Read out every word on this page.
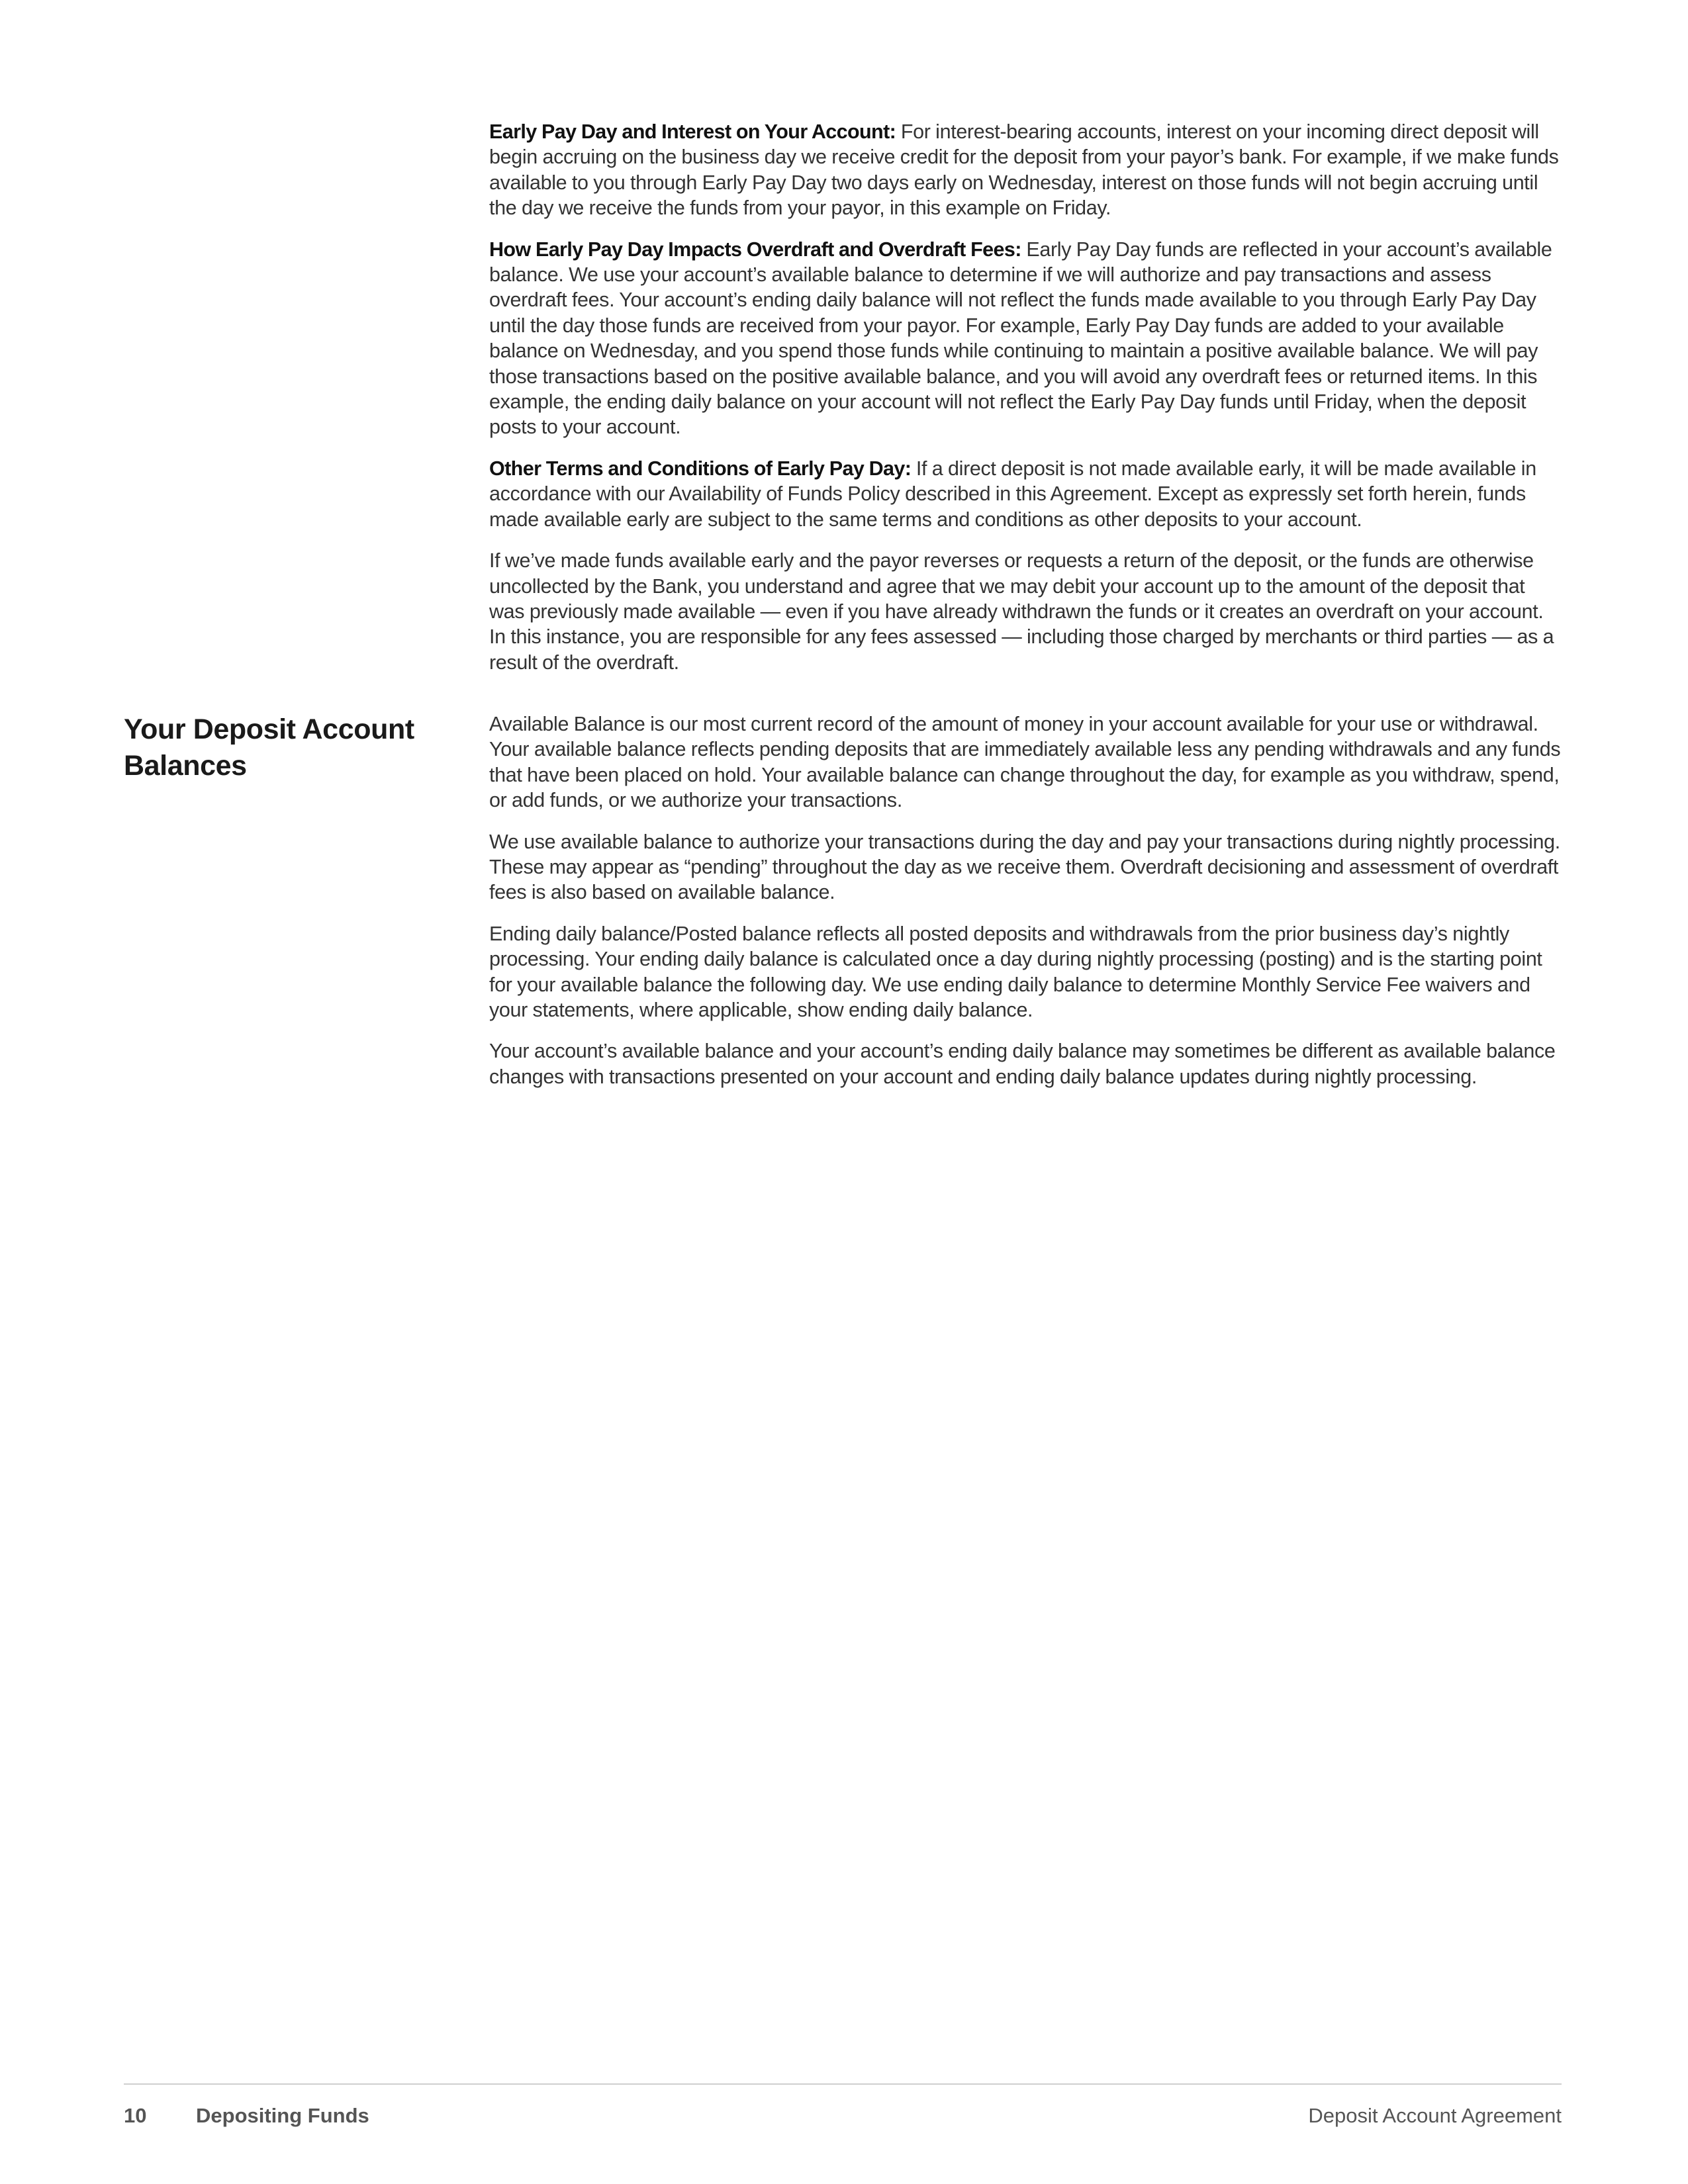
Early Pay Day and Interest on Your Account: For interest-bearing accounts, interest on your incoming direct deposit will begin accruing on the business day we receive credit for the deposit from your payor’s bank. For example, if we make funds available to you through Early Pay Day two days early on Wednesday, interest on those funds will not begin accruing until the day we receive the funds from your payor, in this example on Friday.

How Early Pay Day Impacts Overdraft and Overdraft Fees: Early Pay Day funds are reflected in your account’s available balance. We use your account’s available balance to determine if we will authorize and pay transactions and assess overdraft fees. Your account’s ending daily balance will not reflect the funds made available to you through Early Pay Day until the day those funds are received from your payor. For example, Early Pay Day funds are added to your available balance on Wednesday, and you spend those funds while continuing to maintain a positive available balance. We will pay those transactions based on the positive available balance, and you will avoid any overdraft fees or returned items. In this example, the ending daily balance on your account will not reflect the Early Pay Day funds until Friday, when the deposit posts to your account.

Other Terms and Conditions of Early Pay Day: If a direct deposit is not made available early, it will be made available in accordance with our Availability of Funds Policy described in this Agreement. Except as expressly set forth herein, funds made available early are subject to the same terms and conditions as other deposits to your account.

If we’ve made funds available early and the payor reverses or requests a return of the deposit, or the funds are otherwise uncollected by the Bank, you understand and agree that we may debit your account up to the amount of the deposit that was previously made available — even if you have already withdrawn the funds or it creates an overdraft on your account. In this instance, you are responsible for any fees assessed — including those charged by merchants or third parties — as a result of the overdraft.

Your Deposit Account Balances

Available Balance is our most current record of the amount of money in your account available for your use or withdrawal. Your available balance reflects pending deposits that are immediately available less any pending withdrawals and any funds that have been placed on hold. Your available balance can change throughout the day, for example as you withdraw, spend, or add funds, or we authorize your transactions.

We use available balance to authorize your transactions during the day and pay your transactions during nightly processing. These may appear as “pending” throughout the day as we receive them. Overdraft decisioning and assessment of overdraft fees is also based on available balance.

Ending daily balance/Posted balance reflects all posted deposits and withdrawals from the prior business day’s nightly processing. Your ending daily balance is calculated once a day during nightly processing (posting) and is the starting point for your available balance the following day. We use ending daily balance to determine Monthly Service Fee waivers and your statements, where applicable, show ending daily balance.

Your account’s available balance and your account’s ending daily balance may sometimes be different as available balance changes with transactions presented on your account and ending daily balance updates during nightly processing.

10 Depositing Funds	Deposit Account Agreement
